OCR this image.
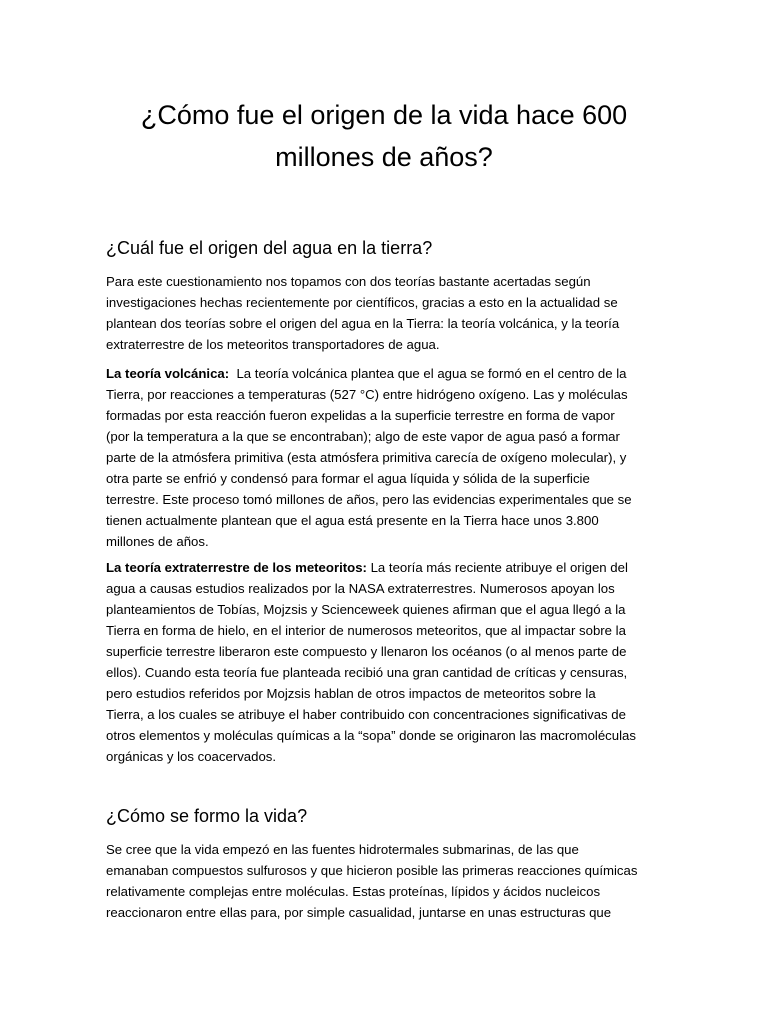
¿Cómo fue el origen de la vida hace 600
millones de años?
¿Cuál fue el origen del agua en la tierra?

Para este cuestionamiento nos topamos con dos teorías bastante acertadas según
investigaciones hechas recientemente por científicos, gracias a esto en la actualidad se
plantean dos teorías sobre el origen del agua en la Tierra: la teoría volcánica, y la teoría
extraterrestre de los meteoritos transportadores de agua.

La teoría volcánica: La teoría volcánica plantea que el agua se formó en el centro de la
Tierra, por reacciones a temperaturas (527 °C) entre hidrógeno oxígeno. Las y moléculas
formadas por esta reacción fueron expelidas a la superficie terrestre en forma de vapor
(por la temperatura a la que se encontraban); algo de este vapor de agua pasó a formar
parte de la atmósfera primitiva (esta atmósfera primitiva carecía de oxígeno molecular), y
otra parte se enfrió y condensó para formar el agua líquida y sólida de la superficie
terrestre. Este proceso tomó millones de años, pero las evidencias experimentales que se
tienen actualmente plantean que el agua está presente en la Tierra hace unos 3.800
millones de años.

La teoría extraterrestre de los meteoritos: La teoría más reciente atribuye el origen del
agua a causas estudios realizados por la NASA extraterrestres. Numerosos apoyan los
planteamientos de Tobías, Mojzsis y Scienceweek quienes afirman que el agua llegó a la
Tierra en forma de hielo, en el interior de numerosos meteoritos, que al impactar sobre la
superficie terrestre liberaron este compuesto y llenaron los océanos (o al menos parte de
ellos). Cuando esta teoría fue planteada recibió una gran cantidad de críticas y censuras,
pero estudios referidos por Mojzsis hablan de otros impactos de meteoritos sobre la
Tierra, a los cuales se atribuye el haber contribuido con concentraciones significativas de
otros elementos y moléculas químicas a la “sopa” donde se originaron las macromoléculas
orgánicas y los coacervados.

¿Cómo se formo la vida?

Se cree que la vida empezó en las fuentes hidrotermales submarinas, de las que
emanaban compuestos sulfurosos y que hicieron posible las primeras reacciones químicas
relativamente complejas entre moléculas. Estas proteínas, lípidos y ácidos nucleicos
reaccionaron entre ellas para, por simple casualidad, juntarse en unas estructuras que
